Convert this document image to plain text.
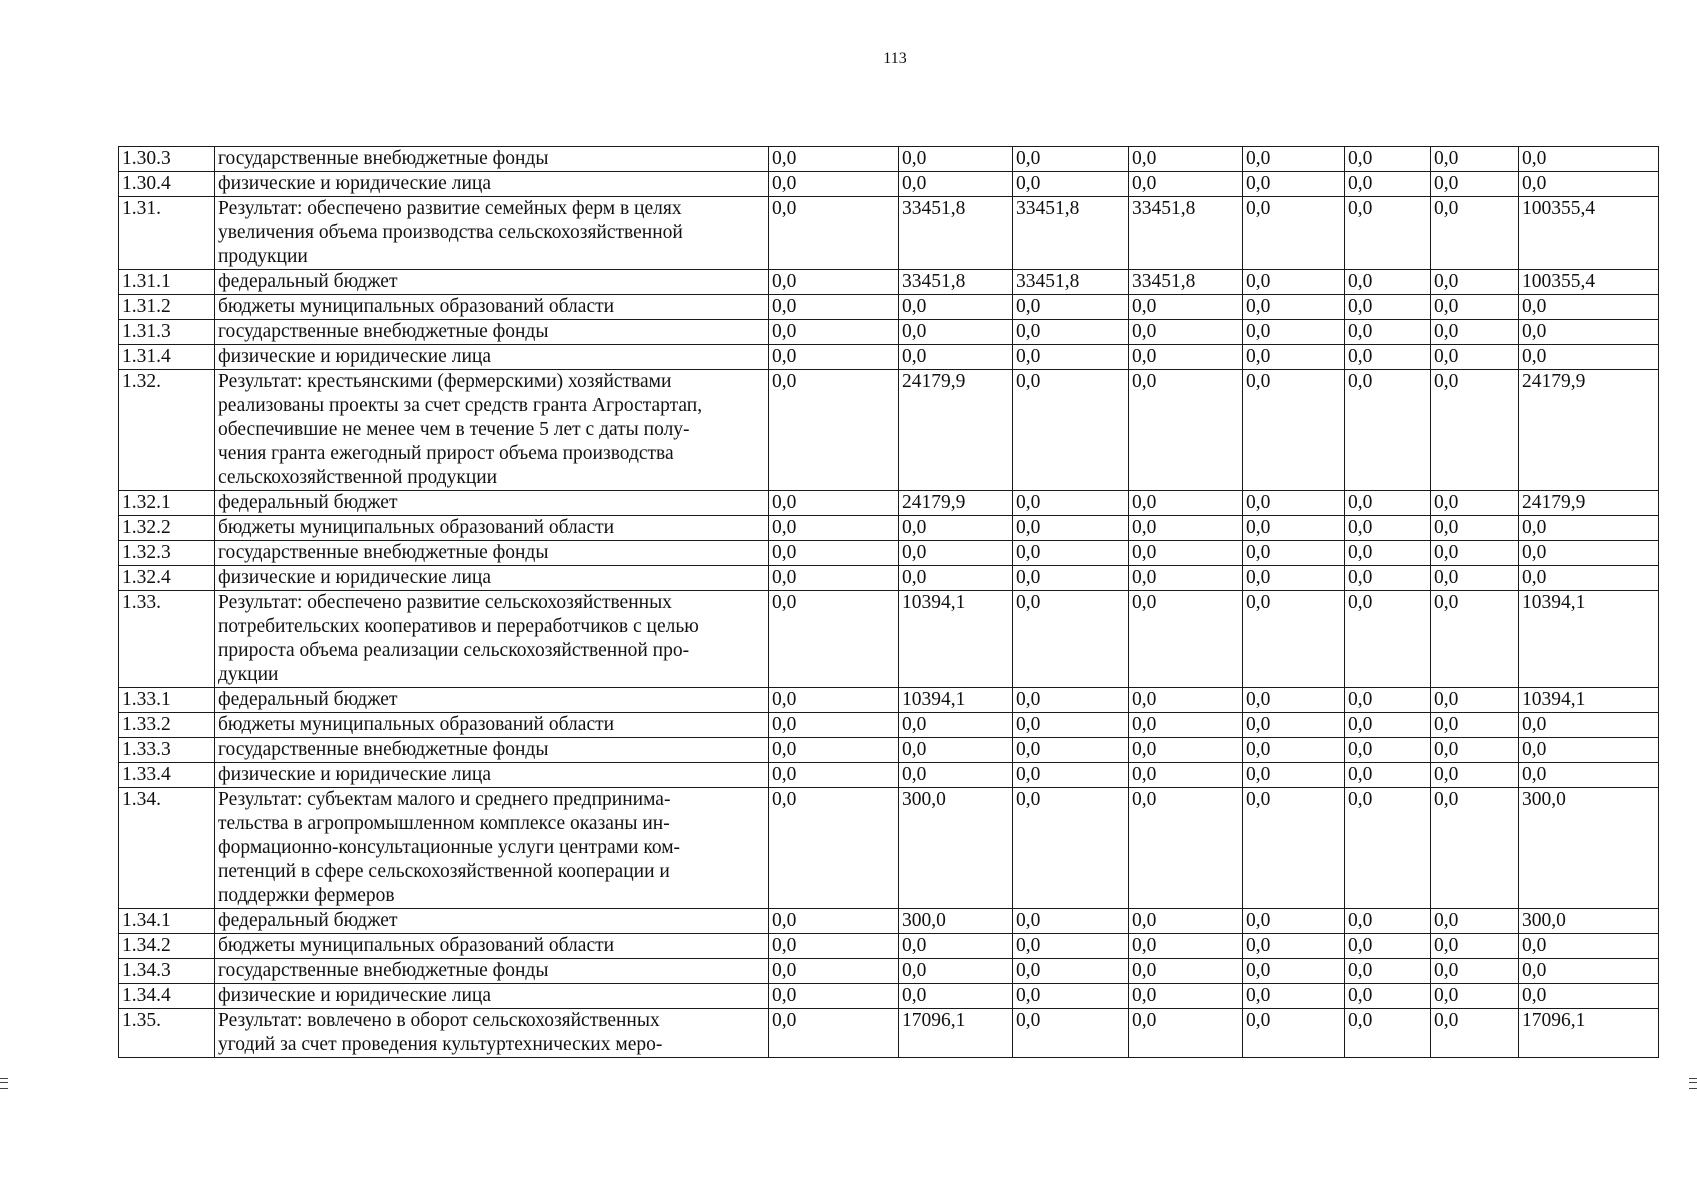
113
1.30.3	государственные внебюджетные фонды	0,0	0,0	0,0	0,0	0,0	0,0	0,0	0,0
1.30.4	физические и юридические лица	0,0	0,0	0,0	0,0	0,0	0,0	0,0	0,0
1.31.	Результат: обеспечено развитие семейных ферм в целях
увеличения объема производства сельскохозяйственной
продукции	0,0	33451,8	33451,8	33451,8	0,0	0,0	0,0	100355,4
1.31.1	федеральный бюджет	0,0	33451,8	33451,8	33451,8	0,0	0,0	0,0	100355,4
1.31.2	бюджеты муниципальных образований области	0,0	0,0	0,0	0,0	0,0	0,0	0,0	0,0
1.31.3	государственные внебюджетные фонды	0,0	0,0	0,0	0,0	0,0	0,0	0,0	0,0
1.31.4	физические и юридические лица	0,0	0,0	0,0	0,0	0,0	0,0	0,0	0,0
1.32.	Результат: крестьянскими (фермерскими) хозяйствами
реализованы проекты за счет средств гранта Агростартап,
обеспечившие не менее чем в течение 5 лет с даты полу-
чения гранта ежегодный прирост объема производства
сельскохозяйственной продукции	0,0	24179,9	0,0	0,0	0,0	0,0	0,0	24179,9
1.32.1	федеральный бюджет	0,0	24179,9	0,0	0,0	0,0	0,0	0,0	24179,9
1.32.2	бюджеты муниципальных образований области	0,0	0,0	0,0	0,0	0,0	0,0	0,0	0,0
1.32.3	государственные внебюджетные фонды	0,0	0,0	0,0	0,0	0,0	0,0	0,0	0,0
1.32.4	физические и юридические лица	0,0	0,0	0,0	0,0	0,0	0,0	0,0	0,0
1.33.	Результат: обеспечено развитие сельскохозяйственных
потребительских кооперативов и переработчиков с целью
прироста объема реализации сельскохозяйственной про-
дукции	0,0	10394,1	0,0	0,0	0,0	0,0	0,0	10394,1
1.33.1	федеральный бюджет	0,0	10394,1	0,0	0,0	0,0	0,0	0,0	10394,1
1.33.2	бюджеты муниципальных образований области	0,0	0,0	0,0	0,0	0,0	0,0	0,0	0,0
1.33.3	государственные внебюджетные фонды	0,0	0,0	0,0	0,0	0,0	0,0	0,0	0,0
1.33.4	физические и юридические лица	0,0	0,0	0,0	0,0	0,0	0,0	0,0	0,0
1.34.	Результат: субъектам малого и среднего предпринима-
тельства в агропромышленном комплексе оказаны ин-
формационно-консультационные услуги центрами ком-
петенций в сфере сельскохозяйственной кооперации и
поддержки фермеров	0,0	300,0	0,0	0,0	0,0	0,0	0,0	300,0
1.34.1	федеральный бюджет	0,0	300,0	0,0	0,0	0,0	0,0	0,0	300,0
1.34.2	бюджеты муниципальных образований области	0,0	0,0	0,0	0,0	0,0	0,0	0,0	0,0
1.34.3	государственные внебюджетные фонды	0,0	0,0	0,0	0,0	0,0	0,0	0,0	0,0
1.34.4	физические и юридические лица	0,0	0,0	0,0	0,0	0,0	0,0	0,0	0,0
1.35.	Результат: вовлечено в оборот сельскохозяйственных
угодий за счет проведения культуртехнических меро-	0,0	17096,1	0,0	0,0	0,0	0,0	0,0	17096,1
